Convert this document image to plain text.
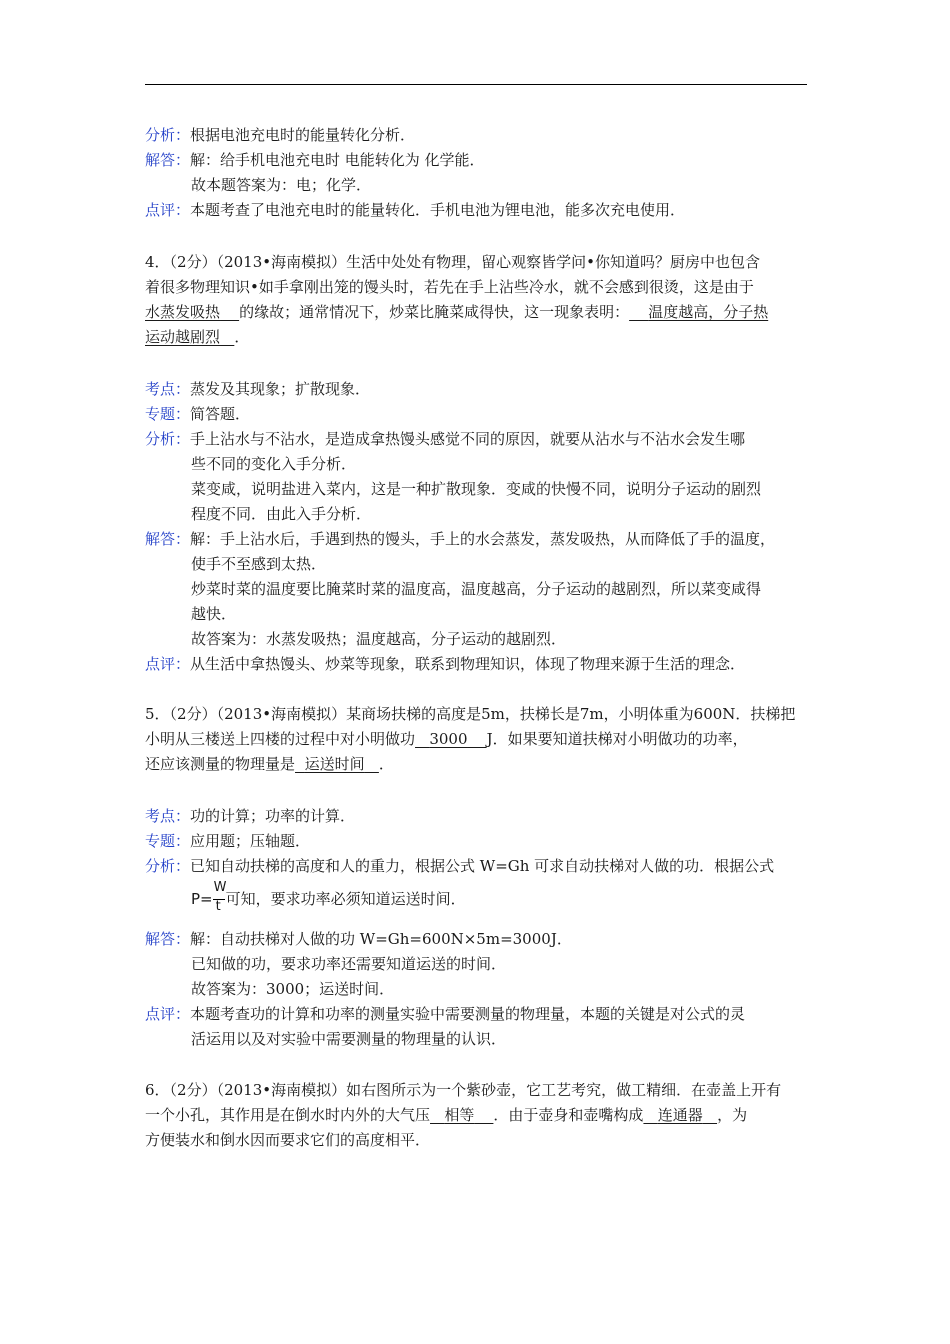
分析：根据电池充电时的能量转化分析．
解答：解：给手机电池充电时 电能转化为 化学能．
故本题答案为：电；化学．
点评：本题考查了电池充电时的能量转化．手机电池为锂电池，能多次充电使用．
4．（2分）（2013•海南模拟）生活中处处有物理，留心观察皆学问•你知道吗？厨房中也包含
着很多物理知识•如手拿刚出笼的馒头时，若先在手上沾些冷水，就不会感到很烫，这是由于
水蒸发吸热 的缘故；通常情况下，炒菜比腌菜咸得快，这一现象表明： 温度越高，分子热
运动越剧烈 ．
考点：蒸发及其现象；扩散现象．
专题：简答题．
分析：手上沾水与不沾水，是造成拿热馒头感觉不同的原因，就要从沾水与不沾水会发生哪
些不同的变化入手分析．
菜变咸，说明盐进入菜内，这是一种扩散现象．变咸的快慢不同，说明分子运动的剧烈
程度不同．由此入手分析．
解答：解：手上沾水后，手遇到热的馒头，手上的水会蒸发，蒸发吸热，从而降低了手的温度，
使手不至感到太热．
炒菜时菜的温度要比腌菜时菜的温度高，温度越高，分子运动的越剧烈，所以菜变咸得
越快．
故答案为：水蒸发吸热；温度越高，分子运动的越剧烈．
点评：从生活中拿热馒头、炒菜等现象，联系到物理知识，体现了物理来源于生活的理念．
5．（2分）（2013•海南模拟）某商场扶梯的高度是5m，扶梯长是7m，小明体重为600N．扶梯把
小明从三楼送上四楼的过程中对小明做功 3000 J．如果要知道扶梯对小明做功的功率，
还应该测量的物理量是 运送时间 ．
考点：功的计算；功率的计算．
专题：应用题；压轴题．
分析：已知自动扶梯的高度和人的重力，根据公式 W=Gh 可求自动扶梯对人做的功．根据公式
$P= \frac{W}{t}$ 可知，要求功率必须知道运送时间．
解答：解：自动扶梯对人做的功 W=Gh=600N×5m=3000J．
已知做的功，要求功率还需要知道运送的时间．
故答案为：3000；运送时间．
点评：本题考查功的计算和功率的测量实验中需要测量的物理量，本题的关键是对公式的灵
活运用以及对实验中需要测量的物理量的认识．
6．（2分）（2013•海南模拟）如右图所示为一个紫砂壶，它工艺考究，做工精细．在壶盖上开有
一个小孔，其作用是在倒水时内外的大气压 相等 ．由于壶身和壶嘴构成 连通器 ，为
方便装水和倒水因而要求它们的高度相平．
